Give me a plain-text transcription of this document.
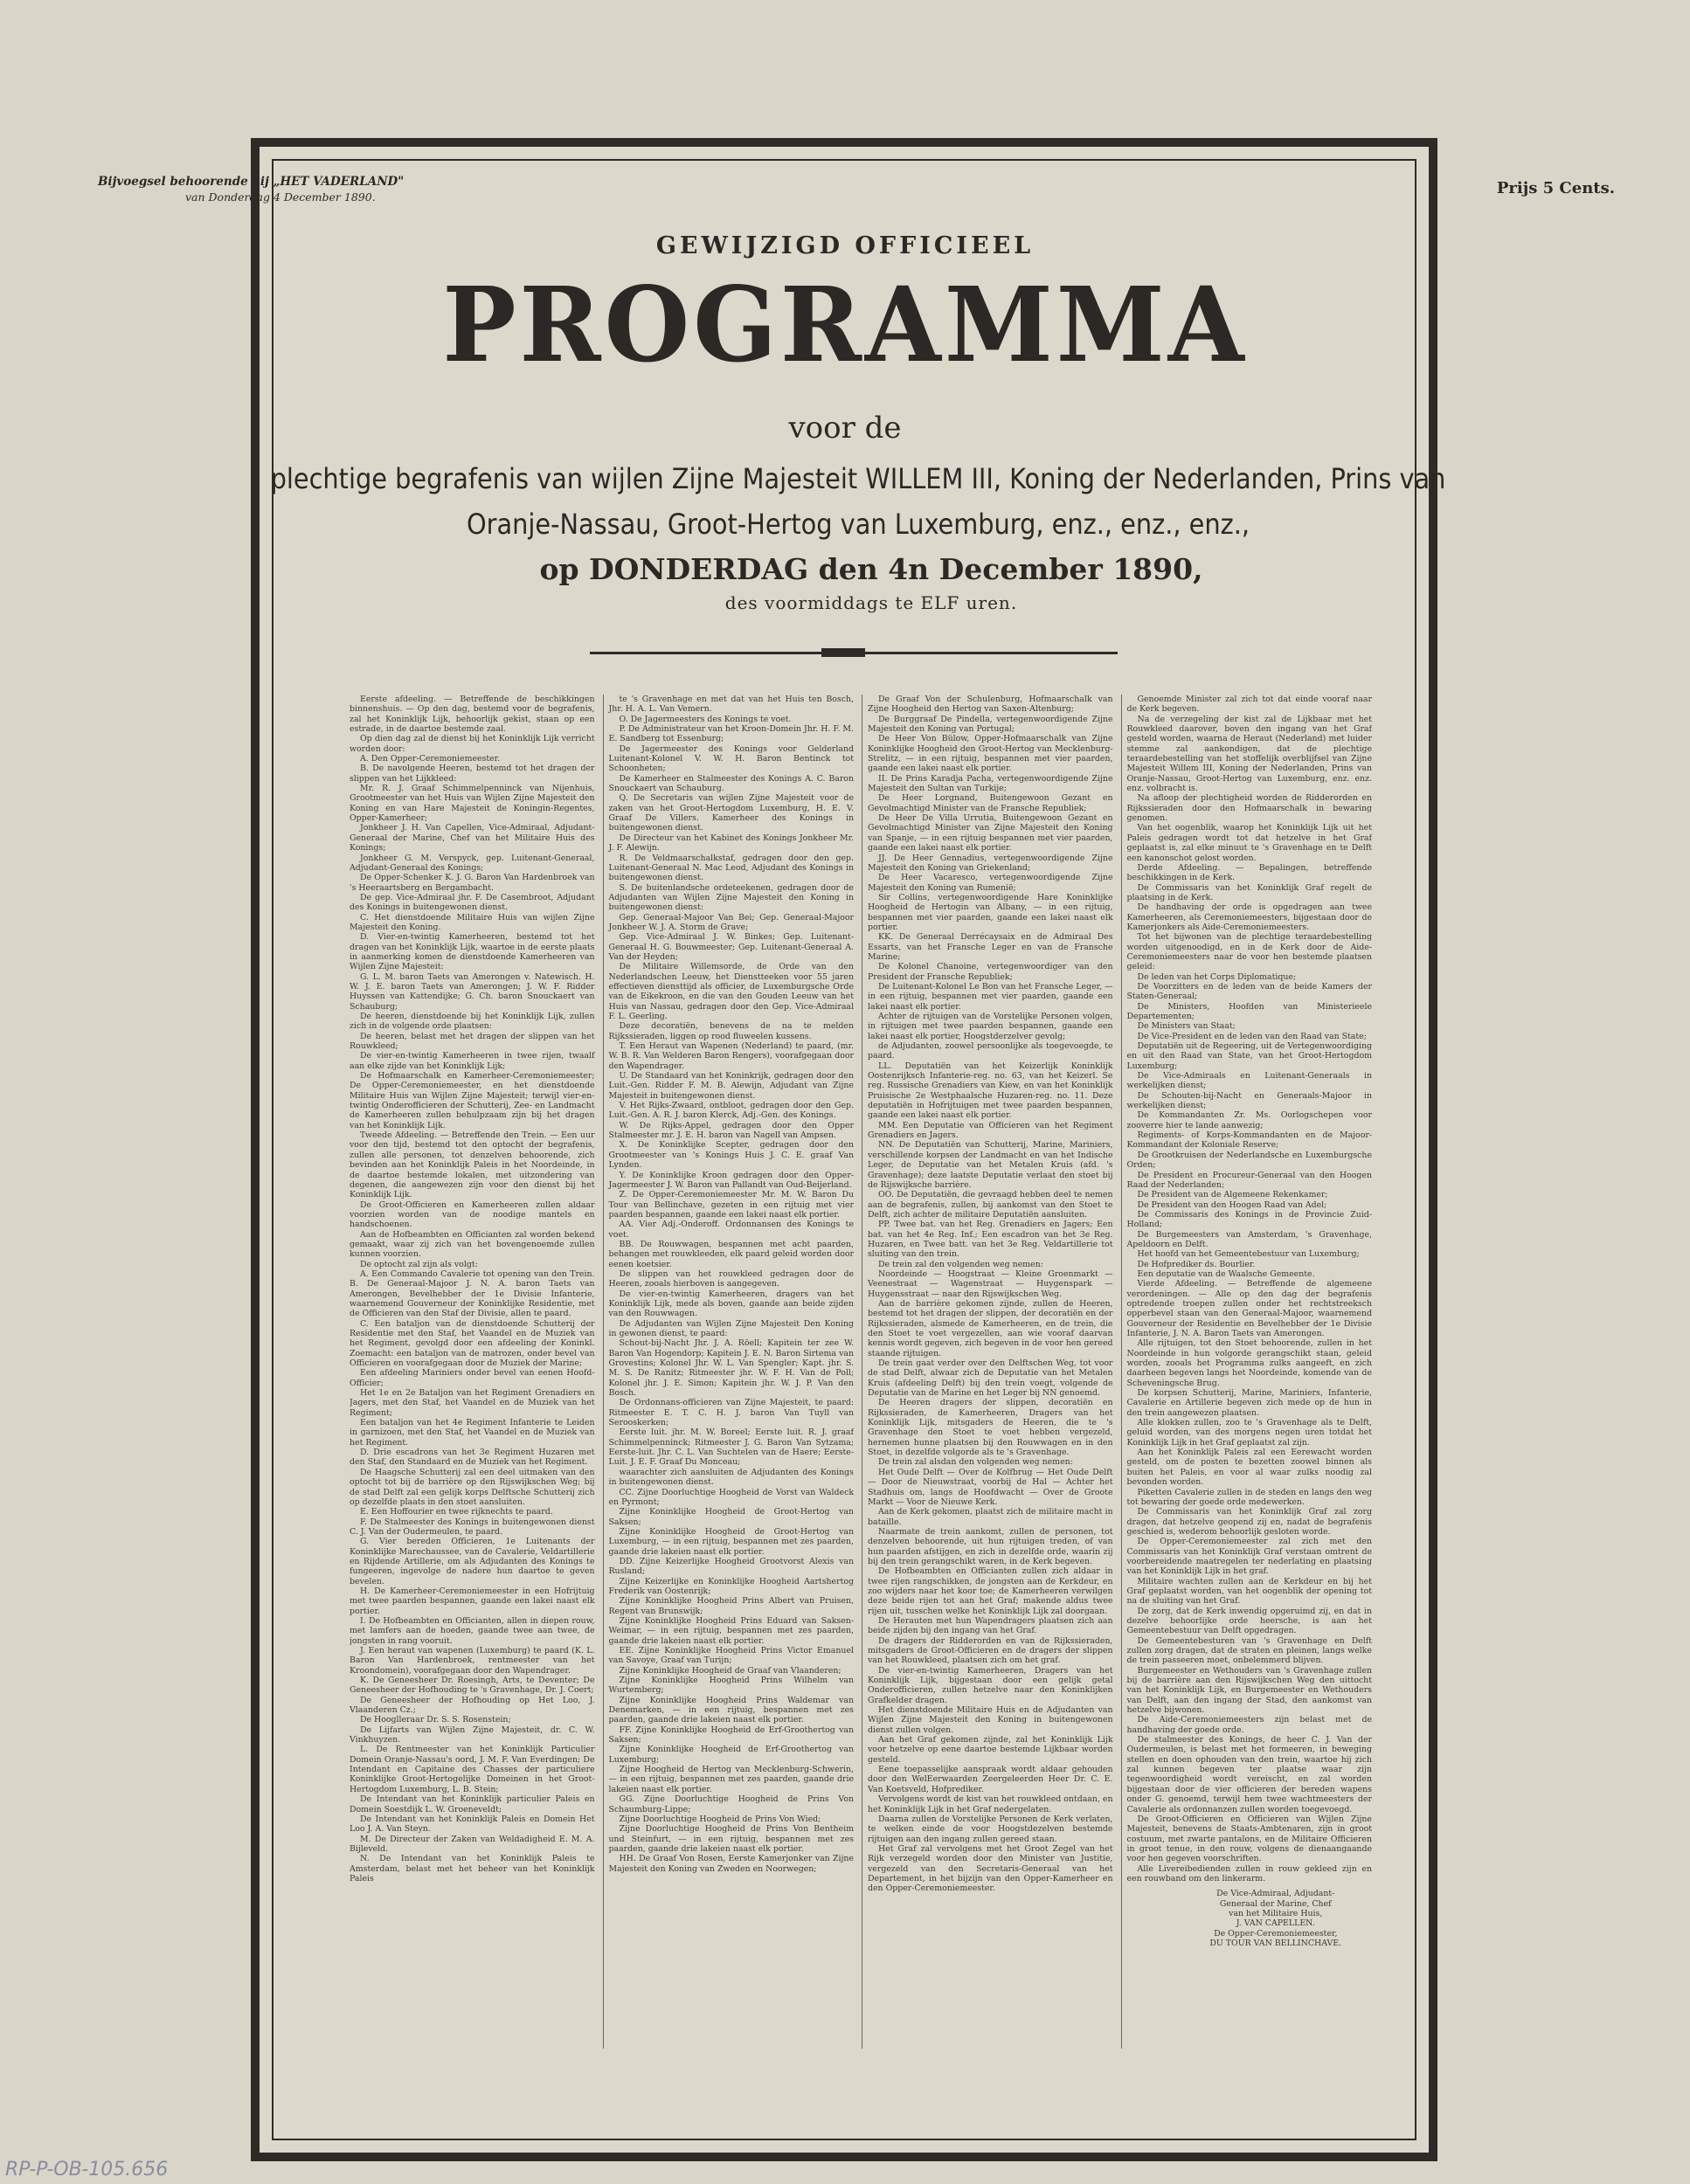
Bijvoegsel behoorende bij „HET VADERLAND"
van Donderdag 4 December 1890.	Prijs 5 Cents.
GEWIJZIGD OFFICIEEL
PROGRAMMA
voor de
plechtige begrafenis van wijlen Zijne Majesteit WILLEM III, Koning der Nederlanden, Prins van
Oranje-Nassau, Groot-Hertog van Luxemburg, enz., enz., enz.,
op DONDERDAG den 4n December 1890,
des voormiddags te ELF uren.

Eerste afdeeling. — Betreffende de beschikkingen binnenshuis. — Op den dag, bestemd voor de begrafenis, zal het Koninklijk Lijk, behoorlijk gekist, staan op een estrade, in de daartoe bestemde zaal.

Op dien dag zal de dienst bij het Koninklijk Lijk verricht worden door:

A. Den Opper-Ceremoniemeester.

B. De navolgende Heeren, bestemd tot het dragen der slippen van het Lijkkleed:

Mr. R. J. Graaf Schimmelpenninck van Nijenhuis, Grootmeester van het Huis van Wijlen Zijne Majesteit den Koning en van Hare Majesteit de Koningin-Regentes, Opper-Kamerheer;

Jonkheer J. H. Van Capellen, Vice-Admiraal, Adjudant-Generaal der Marine, Chef van het Militaire Huis des Konings;

Jonkheer G. M. Verspyck, gep. Luitenant-Generaal, Adjudant-Generaal des Konings;

De Opper-Schenker K. J. G. Baron Van Hardenbroek van 's Heeraartsberg en Bergambacht.

De gep. Vice-Admiraal jhr. F. De Casembroot, Adjudant des Konings in buitengewonen dienst.

C. Het dienstdoende Militaire Huis van wijlen Zijne Majesteit den Koning.

D. Vier-en-twintig Kamerheeren, bestemd tot het dragen van het Koninklijk Lijk, waartoe in de eerste plaats in aanmerking komen de dienstdoende Kamerheeren van Wijlen Zijne Majesteit:

G. L. M. baron Taets van Amerongen v. Natewisch. H. W. J. E. baron Taets van Amerongen; J. W. F. Ridder Huyssen van Kattendijke; G. Ch. baron Snouckaert van Schauburg;

De heeren, dienstdoende bij het Koninklijk Lijk, zullen zich in de volgende orde plaatsen:

De heeren, belast met het dragen der slippen van het Rouwkleed;

De vier-en-twintig Kamerheeren in twee rijen, twaalf aan elke zijde van het Koninklijk Lijk;

De Hofmaarschalk en Kamerheer-Ceremoniemeester; De Opper-Ceremoniemeester, en het dienstdoende Militaire Huis van Wijlen Zijne Majesteit; terwijl vier-en-twintig Onderofficieren der Schutterij, Zee- en Landmacht de Kamerheeren zullen behulpzaam zijn bij het dragen van het Koninklijk Lijk.

Tweede Afdeeling. — Betreffende den Trein. — Een uur voor den tijd, bestemd tot den optocht der begrafenis, zullen alle personen, tot denzelven behoorende, zich bevinden aan het Koninklijk Paleis in het Noordeinde, in de daartoe bestemde lokalen, met uitzondering van degenen, die aangewezen zijn voor den dienst bij het Koninklijk Lijk.

De Groot-Officieren en Kamerheeren zullen aldaar voorzien worden van de noodige mantels en handschoenen.

Aan de Hofbeambten en Officianten zal worden bekend gemaakt, waar zij zich van het bovengenoemde zullen kunnen voorzien.

De optocht zal zijn als volgt:

A. Een Commando Cavalerie tot opening van den Trein. B. De Generaal-Majoor J. N. A. baron Taets van Amerongen, Bevelhebber der 1e Divisie Infanterie, waarnemend Gouverneur der Koninklijke Residentie, met de Officieren van den Staf der Divisie, allen te paard.

C. Een bataljon van de dienstdoende Schutterij der Residentie met den Staf, het Vaandel en de Muziek van het Regiment, gevolgd door een afdeeling der Koninkl. Zoemacht: een bataljon van de matrozen, onder bevel van Officieren en voorafgegaan door de Muziek der Marine;

Een afdeeling Mariniers onder bevel van eenen Hoofd-Officier;

Het 1e en 2e Bataljon van het Regiment Grenadiers en Jagers, met den Staf, het Vaandel en de Muziek van het Regiment;

Een bataljon van het 4e Regiment Infanterie te Leiden in garnizoen, met den Staf, het Vaandel en de Muziek van het Regiment.

D. Drie escadrons van het 3e Regiment Huzaren met den Staf, den Standaard en de Muziek van het Regiment.

De Haagsche Schutterij zal een deel uitmaken van den optocht tot bij de barrière op den Rijswijkschen Weg; bij de stad Delft zal een gelijk korps Delftsche Schutterij zich op dezelfde plaats in den stoet aansluiten.

E. Een Hoffourier en twee rijknechts te paard.

F. De Stalmeester des Konings in buitengewonen dienst C. J. Van der Oudermeulen, te paard.

G. Vier bereden Officieren, 1e Luitenants der Koninklijke Marechaussee, van de Cavalerie, Veldartillerie en Rijdende Artillerie, om als Adjudanten des Konings te fungeeren, ingevolge de nadere hun daartoe te geven bevelen.

H. De Kamerheer-Ceremoniemeester in een Hofrijtuig met twee paarden bespannen, gaande een lakei naast elk portier.

I. De Hofbeambten en Officianten, allen in diepen rouw, met lamfers aan de hoeden, gaande twee aan twee, de jongsten in rang vooruit.

J. Een heraut van wapenen (Luxemburg) te paard (K. L. Baron Van Hardenbroek, rentmeester van het Kroondomein), voorafgegaan door den Wapendrager.

K. De Geneesheer Dr. Roesingh, Arts, te Deventer; De Geneesheer der Hofhouding te 's Gravenhage, Dr. J. Coert;

De Geneesheer der Hofhouding op Het Loo, J. Vlaanderen Cz.;

De Hooglleraar Dr. S. S. Rosenstein;

De Lijfarts van Wijlen Zijne Majesteit, dr. C. W. Vinkhuyzen.

L. De Rentmeester van het Koninklijk Particulier Domein Oranje-Nassau's oord, J. M. F. Van Everdingen; De Intendant en Capitaine des Chasses der particuliere Koninklijke Groot-Hertogelijke Domeinen in het Groot-Hertogdom Luxemburg, L. B. Stein;

De Intendant van het Koninklijk particulier Paleis en Domein Soestdijk L. W. Groeneveldt;

De Intendant van het Koninklijk Paleis en Domein Het Loo J. A. Van Steyn.

M. De Directeur der Zaken van Weldadigheid E. M. A. Bijleveld.

N. De Intendant van het Koninklijk Paleis te Amsterdam, belast met het beheer van het Koninklijk Paleis

te 's Gravenhage en met dat van het Huis ten Bosch, Jhr. H. A. L. Van Vemern.

O. De Jagermeesters des Konings te voet.

P. De Administrateur van het Kroon-Domein Jhr. H. F. M. E. Sandberg tot Essenburg;

De Jagermeester des Konings voor Gelderland Luitenant-Kolonel V. W. H. Baron Bentinck tot Schoonheten;

De Kamerheer en Stalmeester des Konings A. C. Baron Snouckaert van Schauburg.

Q. De Secretaris van wijlen Zijne Majesteit voor de zaken van het Groot-Hertogdom Luxemburg, H. E. V. Graaf De Villers. Kamerheer des Konings in buitengewonen dienst.

De Directeur van het Kabinet des Konings Jonkheer Mr. J. F. Alewijn.

R. De Veldmaarschalkstaf, gedragen door den gep. Luitenant-Generaal N. Mac Leod, Adjudant des Konings in buitengewonen dienst.

S. De buitenlandsche ordeteekenen, gedragen door de Adjudanten van Wijlen Zijne Majesteit den Koning in buitengewonen dienst:

Gep. Generaal-Majoor Van Bei; Gep. Generaal-Majoor Jonkheer W. J. A. Storm de Grave;

Gep. Vice-Admiraal J. W. Binkes; Gep. Luitenant-Generaal H. G. Bouwmeester; Gep. Luitenant-Generaal A. Van der Heyden;

De Militaire Willemsorde, de Orde van den Nederlandschen Leeuw, het Dienstteeken voor 55 jaren effectieven diensttijd als officier, de Luxemburgsche Orde van de Eikekroon, en die van den Gouden Leeuw van het Huis van Nassau, gedragen door den Gep. Vice-Admiraal F. L. Geerling.

Deze decoratiën, benevens de na te melden Rijkssieraden, liggen op rood fluweelen kussens.

T. Een Heraut van Wapenen (Nederland) te paard, (mr. W. B. R. Van Welderen Baron Rengers), voorafgegaan door den Wapendrager.

U. De Standaard van het Koninkrijk, gedragen door den Luit.-Gen. Ridder F. M. B. Alewijn, Adjudant van Zijne Majesteit in buitengewonen dienst.

V. Het Rijks-Zwaard, ontbloot, gedragen door den Gep. Luit.-Gen. A. R. J. baron Klerck, Adj.-Gen. des Konings.

W. De Rijks-Appel, gedragen door den Opper Stalmeester mr. J. E. H. baron van Nagell van Ampsen.

X. De Koninklijke Scepter, gedragen door den Grootmeester van 's Konings Huis J. C. E. graaf Van Lynden.

Y. De Koninklijke Kroon gedragen door den Opper-Jagermeester J. W. Baron van Pallandt van Oud-Beijerland.

Z. De Opper-Ceremoniemeester Mr. M. W. Baron Du Tour van Bellinchave, gezeten in een rijtuig met vier paarden bespannen, gaande een lakei naast elk portier.

AA. Vier Adj.-Onderoff. Ordonnansen des Konings te voet.

BB. De Rouwwagen, bespannen met acht paarden, behangen met rouwkleeden, elk paard geleid worden door eenen koetsier.

De slippen van het rouwkleed gedragen door de Heeren, zooals hierboven is aangegeven.

De vier-en-twintig Kamerheeren, dragers van het Koninklijk Lijk, mede als boven, gaande aan beide zijden van den Rouwwagen.

De Adjudanten van Wijlen Zijne Majesteit Den Koning in gewonen dienst, te paard:

Schout-bij-Nacht Jhr. J. A. Röell; Kapitein ter zee W. Baron Van Hogendorp; Kapitein J. E. N. Baron Sirtema van Grovestins; Kolonel Jhr. W. L. Van Spengler; Kapt. jhr. S. M. S. De Ranitz; Ritmeester jhr. W. F. H. Van de Poll; Kolonel jhr. J. E. Simon; Kapitein jhr. W. J. P. Van den Bosch.

De Ordonnans-officieren van Zijne Majesteit, te paard: Ritmeester E. T. C. H. J. baron Van Tuyll van Serooskerken;

Eerste luit. jhr. M. W. Boreel; Eerste luit. R. J. graaf Schimmelpenninck; Ritmeester J. G. Baron Van Sytzama; Eerste-luit. Jhr. C. L. Van Suchtelen van de Haere; Eerste-Luit. J. E. F. Graaf Du Monceau;

waarachter zich aansluiten de Adjudanten des Konings in buitengewonen dienst.

CC. Zijne Doorluchtige Hoogheid de Vorst van Waldeck en Pyrmont;

Zijne Koninklijke Hoogheid de Groot-Hertog van Saksen;

Zijne Koninklijke Hoogheid de Groot-Hertog van Luxemburg, — in een rijtuig, bespannen met zes paarden, gaande drie lakeien naast elk portier.

DD. Zijne Keizerlijke Hoogheid Grootvorst Alexis van Rusland;

Zijne Keizerlijke en Koninklijke Hoogheid Aartshertog Frederik van Oostenrijk;

Zijne Koninklijke Hoogheid Prins Albert van Pruisen, Regent van Brunswijk;

Zijne Koninklijke Hoogheid Prins Eduard van Saksen-Weimar, — in een rijtuig, bespannen met zes paarden, gaande drie lakeien naast elk portier.

EE. Zijne Koninklijke Hoogheid Prins Victor Emanuel van Savoye, Graaf van Turijn;

Zijne Koninklijke Hoogheid de Graaf van Vlaanderen;

Zijne Koninklijke Hoogheid Prins Wilhelm van Wurtemberg;

Zijne Koninklijke Hoogheid Prins Waldemar van Denemarken, — in een rijtuig, bespannen met zes paarden, gaande drie lakeien naast elk portier.

FF. Zijne Koninklijke Hoogheid de Erf-Groothertog van Saksen;

Zijne Koninklijke Hoogheid de Erf-Groothertog van Luxemburg;

Zijne Hoogheid de Hertog van Mecklenburg-Schwerin, — in een rijtuig, bespannen met zes paarden, gaande drie lakeien naast elk portier.

GG. Zijne Doorluchtige Hoogheid de Prins Von Schaumburg-Lippe;

Zijne Doorluchtige Hoogheid de Prins Von Wied;

Zijne Doorluchtige Hoogheid de Prins Von Bentheim und Steinfurt, — in een rijtuig, bespannen met zes paarden, gaande drie lakeien naast elk portier.

HH. De Graaf Von Rosen, Eerste Kamerjonker van Zijne Majesteit den Koning van Zweden en Noorwegen;

De Graaf Von der Schulenburg, Hofmaarschalk van Zijne Hoogheid den Hertog van Saxen-Altenburg;

De Burggraaf De Pindella, vertegenwoordigende Zijne Majesteit den Koning van Portugal;

De Heer Von Bülow, Opper-Hofmaarschalk van Zijne Koninklijke Hoogheid den Groot-Hertog van Mecklenburg-Strelitz, — in een rijtuig, bespannen met vier paarden, gaande een lakei naast elk portier.

II. De Prins Karadja Pacha, vertegenwoordigende Zijne Majesteit den Sultan van Turkije;

De Heer Lorgnand, Buitengewoon Gezant en Gevolmachtigd Minister van de Fransche Republiek;

De Heer De Villa Urrutia, Buitengewoon Gezant en Gevolmachtigd Minister van Zijne Majesteit den Koning van Spanje, — in een rijtuig bespannen met vier paarden, gaande een lakei naast elk portier.

JJ. De Heer Gennadius, vertegenwoordigende Zijne Majesteit den Koning van Griekenland;

De Heer Vacaresco, vertegenwoordigende Zijne Majesteit den Koning van Rumenië;

Sir Collins, vertegenwoordigende Hare Koninklijke Hoogheid de Hertogin van Albany, — in een rijtuig, bespannen met vier paarden, gaande een lakei naast elk portier.

KK. De Generaal Derrécaysaix en de Admiraal Des Essarts, van het Fransche Leger en van de Fransche Marine;

De Kolonel Chanoine, vertegenwoordiger van den President der Fransche Republiek;

De Luitenant-Kolonel Le Bon van het Fransche Leger, — in een rijtuig, bespannen met vier paarden, gaande een lakei naast elk portier.

Achter de rijtuigen van de Vorstelijke Personen volgen, in rijtuigen met twee paarden bespannen, gaande een lakei naast elk portier, Hoogstderzelver gevolg;

de Adjudanten, zoowel persoonlijke als toegevoegde, te paard.

LL. Deputatiën van het Keizerlijk Koninklijk Oostenrijksch Infanterie-reg. no. 63, van het Keizerl. Se reg. Russische Grenadiers van Kiew, en van het Koninklijk Pruisische 2e Westphaalsche Huzaren-reg. no. 11. Deze deputatiën in Hofrijtuigen met twee paarden bespannen, gaande een lakei naast elk portier.

MM. Een Deputatie van Officieren van het Regiment Grenadiers en Jagers.

NN. De Deputatiën van Schutterij, Marine, Mariniers, verschillende korpsen der Landmacht en van het Indische Leger, de Deputatie van het Metalen Kruis (afd. 's Gravenhage); deze laatste Deputatie verlaat den stoet bij de Rijswijksche barrière.

OO. De Deputatiën, die gevraagd hebben deel te nemen aan de begrafenis, zullen, bij aankomst van den Stoet te Delft, zich achter de militaire Deputatiën aansluiten.

PP. Twee bat. van het Reg. Grenadiers en Jagers; Een bat. van het 4e Reg. Inf.; Een escadron van het 3e Reg. Huzaren, en Twee batt. van het 3e Reg. Veldartillerie tot sluiting van den trein.

De trein zal den volgenden weg nemen:

Noordeinde — Hoogstraat — Kleine Groenmarkt — Veenestraat — Wagenstraat — Huygenspark — Huygensstraat — naar den Rijswijkschen Weg.

Aan de barrière gekomen zijnde, zullen de Heeren, bestemd tot het dragen der slippen, der decoratiën en der Rijkssieraden, alsmede de Kamerheeren, en de trein, die den Stoet te voet vergezellen, aan wie vooraf daarvan kennis wordt gegeven, zich begeven in de voor hen gereed staande rijtuigen.

De trein gaat verder over den Delftschen Weg, tot voor de stad Delft, alwaar zich de Deputatie van het Metalen Kruis (afdeeling Delft) bij den trein voegt, volgende de Deputatie van de Marine en het Leger bij NN genoemd.

De Heeren dragers der slippen, decoratiën en Rijkssieraden, de Kamerheeren, Dragers van het Koninklijk Lijk, mitsgaders de Heeren, die te 's Gravenhage den Stoet te voet hebben vergezeld, hernemen hunne plaatsen bij den Rouwwagen en in den Stoet, in dezelfde volgorde als te 's Gravenhage.

De trein zal alsdan den volgenden weg nemen:

Het Oude Delft — Over de Kolfbrug — Het Oude Delft — Door de Nieuwstraat, voorbij de Hal — Achter het Stadhuis om, langs de Hoofdwacht — Over de Groote Markt — Voor de Nieuwe Kerk.

Aan de Kerk gekomen, plaatst zich de militaire macht in bataille.

Naarmate de trein aankomt, zullen de personen, tot denzelven behoorende, uit hun rijtuigen treden, of van hun paarden afstijgen, en zich in dezelfde orde, waarin zij bij den trein gerangschikt waren, in de Kerk begeven.

De Hofbeambten en Officianten zullen zich aldaar in twee rijen rangschikken, de jongsten aan de Kerkdeur, en zoo wijders naar het koor toe; de Kamerheeren verwilgen deze beide rijen tot aan het Graf; makende aldus twee rijen uit, tusschen welke het Koninklijk Lijk zal doorgaan.

De Herauten met hun Wapendragers plaatsen zich aan beide zijden bij den ingang van het Graf.

De dragers der Ridderorden en van de Rijkssieraden, mitsgaders de Groot-Officieren en de dragers der slippen van het Rouwkleed, plaatsen zich om het graf.

De vier-en-twintig Kamerheeren, Dragers van het Koninklijk Lijk, bijgestaan door een gelijk getal Onderofficieren, zullen hetzelve naar den Koninklijken Grafkelder dragen.

Het dienstdoende Militaire Huis en de Adjudanten van Wijlen Zijne Majesteit den Koning in buitengewonen dienst zullen volgen.

Aan het Graf gekomen zijnde, zal het Koninklijk Lijk voor hetzelve op eene daartoe bestemde Lijkbaar worden gesteld.

Eene toepasselijke aanspraak wordt aldaar gehouden door den WelEerwaarden Zeergeleerden Heer Dr. C. E. Van Koetsveld, Hofprediker.

Vervolgens wordt de kist van het rouwkleed ontdaan, en het Koninklijk Lijk in het Graf nedergelaten.

Daarna zullen de Vorstelijke Personen de Kerk verlaten, te welken einde de voor Hoogstdezelven bestemde rijtuigen aan den ingang zullen gereed staan.

Het Graf zal vervolgens met het Groot Zegel van het Rijk verzegeld worden door den Minister van Justitie, vergezeld van den Secretaris-Generaal van het Departement, in het bijzijn van den Opper-Kamerheer en den Opper-Ceremoniemeester.

Genoemde Minister zal zich tot dat einde vooraf naar de Kerk begeven.

Na de verzegeling der kist zal de Lijkbaar met het Rouwkleed daarover, boven den ingang van het Graf gesteld worden, waarna de Heraut (Nederland) met luider stemme zal aankondigen, dat de plechtige teraardebestelling van het stoffelijk overblijfsel van Zijne Majesteit Willem III, Koning der Nederlanden, Prins van Oranje-Nassau, Groot-Hertog van Luxemburg, enz. enz. enz. volbracht is.

Na afloop der plechtigheid worden de Ridderorden en Rijkssieraden door den Hofmaarschalk in bewaring genomen.

Van het oogenblik, waarop het Koninklijk Lijk uit het Paleis gedragen wordt tot dat hetzelve in het Graf geplaatst is, zal elke minuut te 's Gravenhage en te Delft een kanonschot gelost worden.

Derde Afdeeling. — Bepalingen, betreffende beschikkingen in de Kerk.

De Commissaris van het Koninklijk Graf regelt de plaatsing in de Kerk.

De handhaving der orde is opgedragen aan twee Kamerheeren, als Ceremoniemeesters, bijgestaan door de Kamerjonkers als Aide-Ceremoniemeesters.

Tot het bijwonen van de plechtige teraardebestelling worden uitgenoodigd, en in de Kerk door de Aide-Ceremoniemeesters naar de voor hen bestemde plaatsen geleid:

De leden van het Corps Diplomatique;

De Voorzitters en de leden van de beide Kamers der Staten-Generaal;

De Ministers, Hoofden van Ministerieele Departementen;

De Ministers van Staat;

De Vice-President en de leden van den Raad van State;

Deputatiën uit de Regeering, uit de Vertegenwoordiging en uit den Raad van State, van het Groot-Hertogdom Luxemburg;

De Vice-Admiraals en Luitenant-Generaals in werkelijken dienst;

De Schouten-bij-Nacht en Generaals-Majoor in werkelijken dienst;

De Kommandanten Zr. Ms. Oorlogschepen voor zooverre hier te lande aanwezig;

Regiments- of Korps-Kommandanten en de Majoor-Kommandant der Koloniale Reserve;

De Grootkruisen der Nederlandsche en Luxemburgsche Orden;

De President en Procureur-Generaal van den Hoogen Raad der Nederlanden;

De President van de Algemeene Rekenkamer;

De President van den Hoogen Raad van Adel;

De Commissaris des Konings in de Provincie Zuid-Holland;

De Burgemeesters van Amsterdam, 's Gravenhage, Apeldoorn en Delft.

Het hoofd van het Gemeentebestuur van Luxemburg;

De Hofprediker ds. Bourlier.

Een deputatie van de Waalsche Gemeente.

Vierde Afdeeling. — Betreffende de algemeene verordeningen. — Alle op den dag der begrafenis optredende troepen zullen onder het rechtstreeksch opperbevel staan van den Generaal-Majoor, waarnemend Gouverneur der Residentie en Bevelhebber der 1e Divisie Infanterie, J. N. A. Baron Taets van Amerongen.

Alle rijtuigen, tot den Stoet behoorende, zullen in het Noordeinde in hun volgorde gerangschikt staan, geleid worden, zooals het Programma zulks aangeeft, en zich daarheen begeven langs het Noordeinde, komende van de Scheveningsche Brug.

De korpsen Schutterij, Marine, Mariniers, Infanterie, Cavalerie en Artillerie begeven zich mede op de hun in den trein aangewezen plaatsen.

Alle klokken zullen, zoo te 's Gravenhage als te Delft, geluid worden, van des morgens negen uren totdat het Koninklijk Lijk in het Graf geplaatst zal zijn.

Aan het Koninklijk Paleis zal een Eerewacht worden gesteld, om de posten te bezetten zoowel binnen als buiten het Paleis, en voor al waar zulks noodig zal bevonden worden.

Piketten Cavalerie zullen in de steden en langs den weg tot bewaring der goede orde medewerken.

De Commissaris van het Koninklijk Graf zal zorg dragen, dat hetzelve geopend zij en, nadat de begrafenis geschied is, wederom behoorlijk gesloten worde.

De Opper-Ceremoniemeester zal zich met den Commissaris van het Koninklijk Graf verstaan omtrent de voorbereidende maatregelen ter nederlating en plaatsing van het Koninklijk Lijk in het graf.

Militaire wachten zullen aan de Kerkdeur en bij het Graf geplaatst worden, van het oogenblik der opening tot na de sluiting van het Graf.

De zorg, dat de Kerk inwendig opgeruimd zij, en dat in dezelve behoorlijke orde heersche, is aan het Gemeentebestuur van Delft opgedragen.

De Gemeentebesturen van 's Gravenhage en Delft zullen zorg dragen, dat de straten en pleinen, langs welke de trein passeeren moet, onbelemmerd blijven.

Burgemeester en Wethouders van 's Gravenhage zullen bij de barrière aan den Rijswijkschen Weg den uittocht van het Koninklijk Lijk, en Burgemeester en Wethouders van Delft, aan den ingang der Stad, den aankomst van hetzelve bijwonen.

De Aide-Ceremoniemeesters zijn belast met de handhaving der goede orde.

De stalmeester des Konings, de heer C. J. Van der Oudermeulen, is belast met het formeeren, in beweging stellen en doen ophouden van den trein, waartoe hij zich zal kunnen begeven ter plaatse waar zijn tegenwoordigheid wordt vereischt, en zal worden bijgestaan door de vier officieren der bereden wapens onder G. genoemd, terwijl hem twee wachtmeesters der Cavalerie als ordonnanzen zullen worden toegevoegd.

De Groot-Officieren en Officieren van Wijlen Zijne Majesteit, benevens de Staats-Ambtenaren, zijn in groot costuum, met zwarte pantalons, en de Militaire Officieren in groot tenue, in den rouw, volgens de dienaangaande voor hen gegeven voorschriften.

Alle Livereibedienden zullen in rouw gekleed zijn en een rouwband om den linkerarm.

De Vice-Admiraal, Adjudant-
Generaal der Marine, Chef
van het Militaire Huis,
J. VAN CAPELLEN.
De Opper-Ceremoniemeester,
DU TOUR VAN BELLINCHAVE.
RP-P-OB-105.656
